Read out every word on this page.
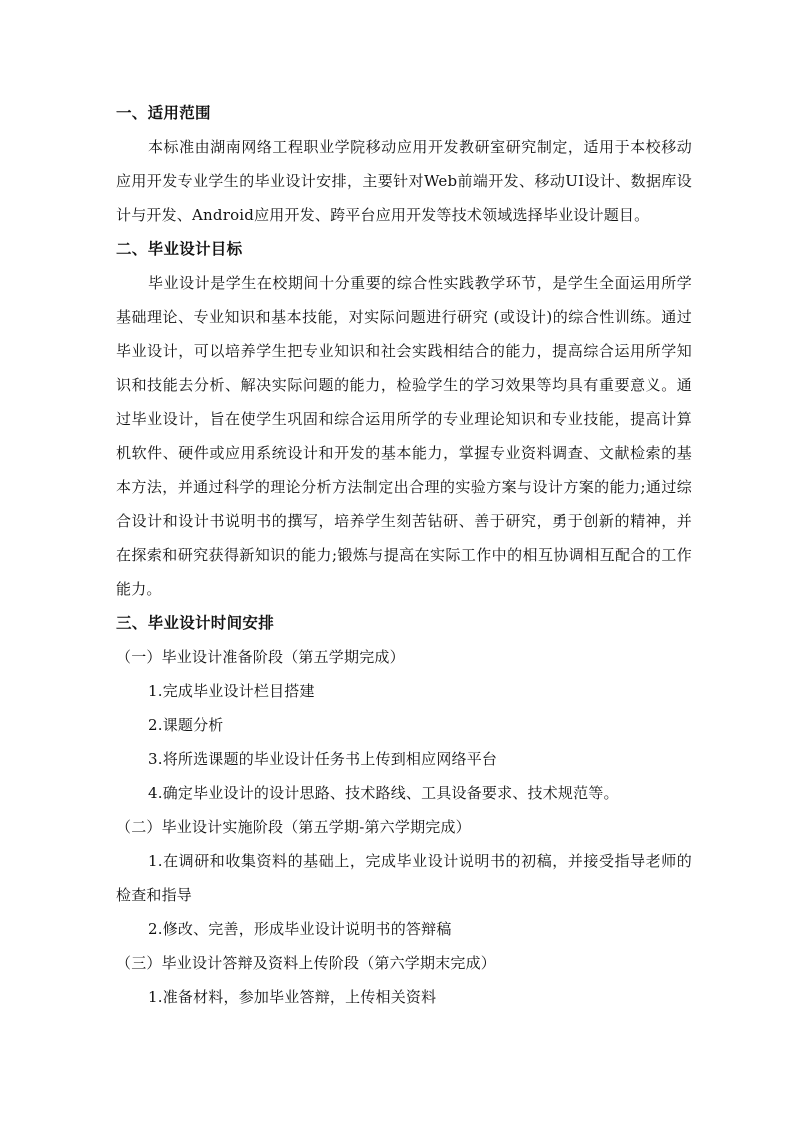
一、适用范围

本标准由湖南网络工程职业学院移动应用开发教研室研究制定，适用于本校移动应用开发专业学生的毕业设计安排，主要针对Web前端开发、移动UI设计、数据库设计与开发、Android应用开发、跨平台应用开发等技术领域选择毕业设计题目。

二、毕业设计目标

毕业设计是学生在校期间十分重要的综合性实践教学环节，是学生全面运用所学基础理论、专业知识和基本技能，对实际问题进行研究 (或设计)的综合性训练。通过毕业设计，可以培养学生把专业知识和社会实践相结合的能力，提高综合运用所学知识和技能去分析、解决实际问题的能力，检验学生的学习效果等均具有重要意义。通过毕业设计，旨在使学生巩固和综合运用所学的专业理论知识和专业技能，提高计算机软件、硬件或应用系统设计和开发的基本能力，掌握专业资料调查、文献检索的基本方法，并通过科学的理论分析方法制定出合理的实验方案与设计方案的能力;通过综合设计和设计书说明书的撰写，培养学生刻苦钻研、善于研究，勇于创新的精神，并在探索和研究获得新知识的能力;锻炼与提高在实际工作中的相互协调相互配合的工作能力。

三、毕业设计时间安排

（一）毕业设计准备阶段（第五学期完成）

1.完成毕业设计栏目搭建

2.课题分析

3.将所选课题的毕业设计任务书上传到相应网络平台

4.确定毕业设计的设计思路、技术路线、工具设备要求、技术规范等。

（二）毕业设计实施阶段（第五学期-第六学期完成）

1.在调研和收集资料的基础上，完成毕业设计说明书的初稿，并接受指导老师的检查和指导

2.修改、完善，形成毕业设计说明书的答辩稿

（三）毕业设计答辩及资料上传阶段（第六学期末完成）

1.准备材料，参加毕业答辩，上传相关资料
